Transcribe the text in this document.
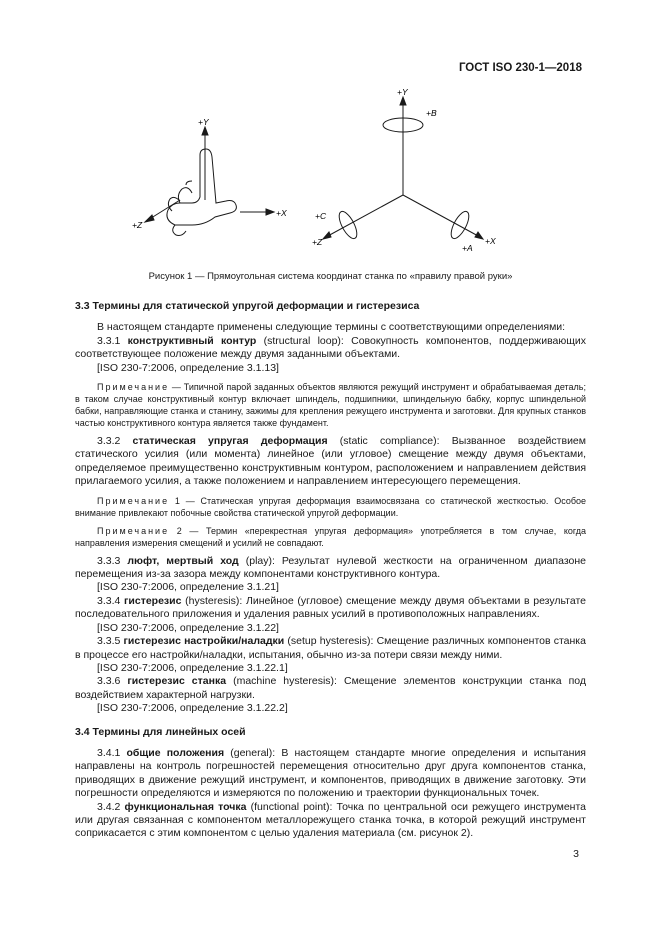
ГОСТ ISO 230-1—2018
+Y
+X
+Z
+Y
+B
+C
+Z	+X
+A
Рисунок 1 — Прямоугольная система координат станка по «правилу правой руки»

3.3 Термины для статической упругой деформации и гистерезиса

В настоящем стандарте применены следующие термины с соответствующими определениями:

3.3.1 конструктивный контур (structural loop): Совокупность компонентов, поддерживающих соответствующее положение между двумя заданными объектами.

[ISO 230-7:2006, определение 3.1.13]

Примечание — Типичной парой заданных объектов являются режущий инструмент и обрабатываемая деталь; в таком случае конструктивный контур включает шпиндель, подшипники, шпиндельную бабку, корпус шпиндельной бабки, направляющие станка и станину, зажимы для крепления режущего инструмента и заготовки. Для крупных станков частью конструктивного контура является также фундамент.

3.3.2 статическая упругая деформация (static compliance): Вызванное воздействием статического усилия (или момента) линейное (или угловое) смещение между двумя объектами, определяемое преимущественно конструктивным контуром, расположением и направлением действия прилагаемого усилия, а также положением и направлением интересующего перемещения.

Примечание 1 — Статическая упругая деформация взаимосвязана со статической жесткостью. Особое внимание привлекают побочные свойства статической упругой деформации.

Примечание 2 — Термин «перекрестная упругая деформация» употребляется в том случае, когда направления измерения смещений и усилий не совпадают.

3.3.3 люфт, мертвый ход (play): Результат нулевой жесткости на ограниченном диапазоне перемещения из-за зазора между компонентами конструктивного контура.

[ISO 230-7:2006, определение 3.1.21]

3.3.4 гистерезис (hysteresis): Линейное (угловое) смещение между двумя объектами в результате последовательного приложения и удаления равных усилий в противоположных направлениях.

[ISO 230-7:2006, определение 3.1.22]

3.3.5 гистерезис настройки/наладки (setup hysteresis): Смещение различных компонентов станка в процессе его настройки/наладки, испытания, обычно из-за потери связи между ними.

[ISO 230-7:2006, определение 3.1.22.1]

3.3.6 гистерезис станка (machine hysteresis): Смещение элементов конструкции станка под воздействием характерной нагрузки.

[ISO 230-7:2006, определение 3.1.22.2]

3.4 Термины для линейных осей

3.4.1 общие положения (general): В настоящем стандарте многие определения и испытания направлены на контроль погрешностей перемещения относительно друг друга компонентов станка, приводящих в движение режущий инструмент, и компонентов, приводящих в движение заготовку. Эти погрешности определяются и измеряются по положению и траектории функциональных точек.

3.4.2 функциональная точка (functional point): Точка по центральной оси режущего инструмента или другая связанная с компонентом металлорежущего станка точка, в которой режущий инструмент соприкасается с этим компонентом с целью удаления материала (см. рисунок 2).

3
